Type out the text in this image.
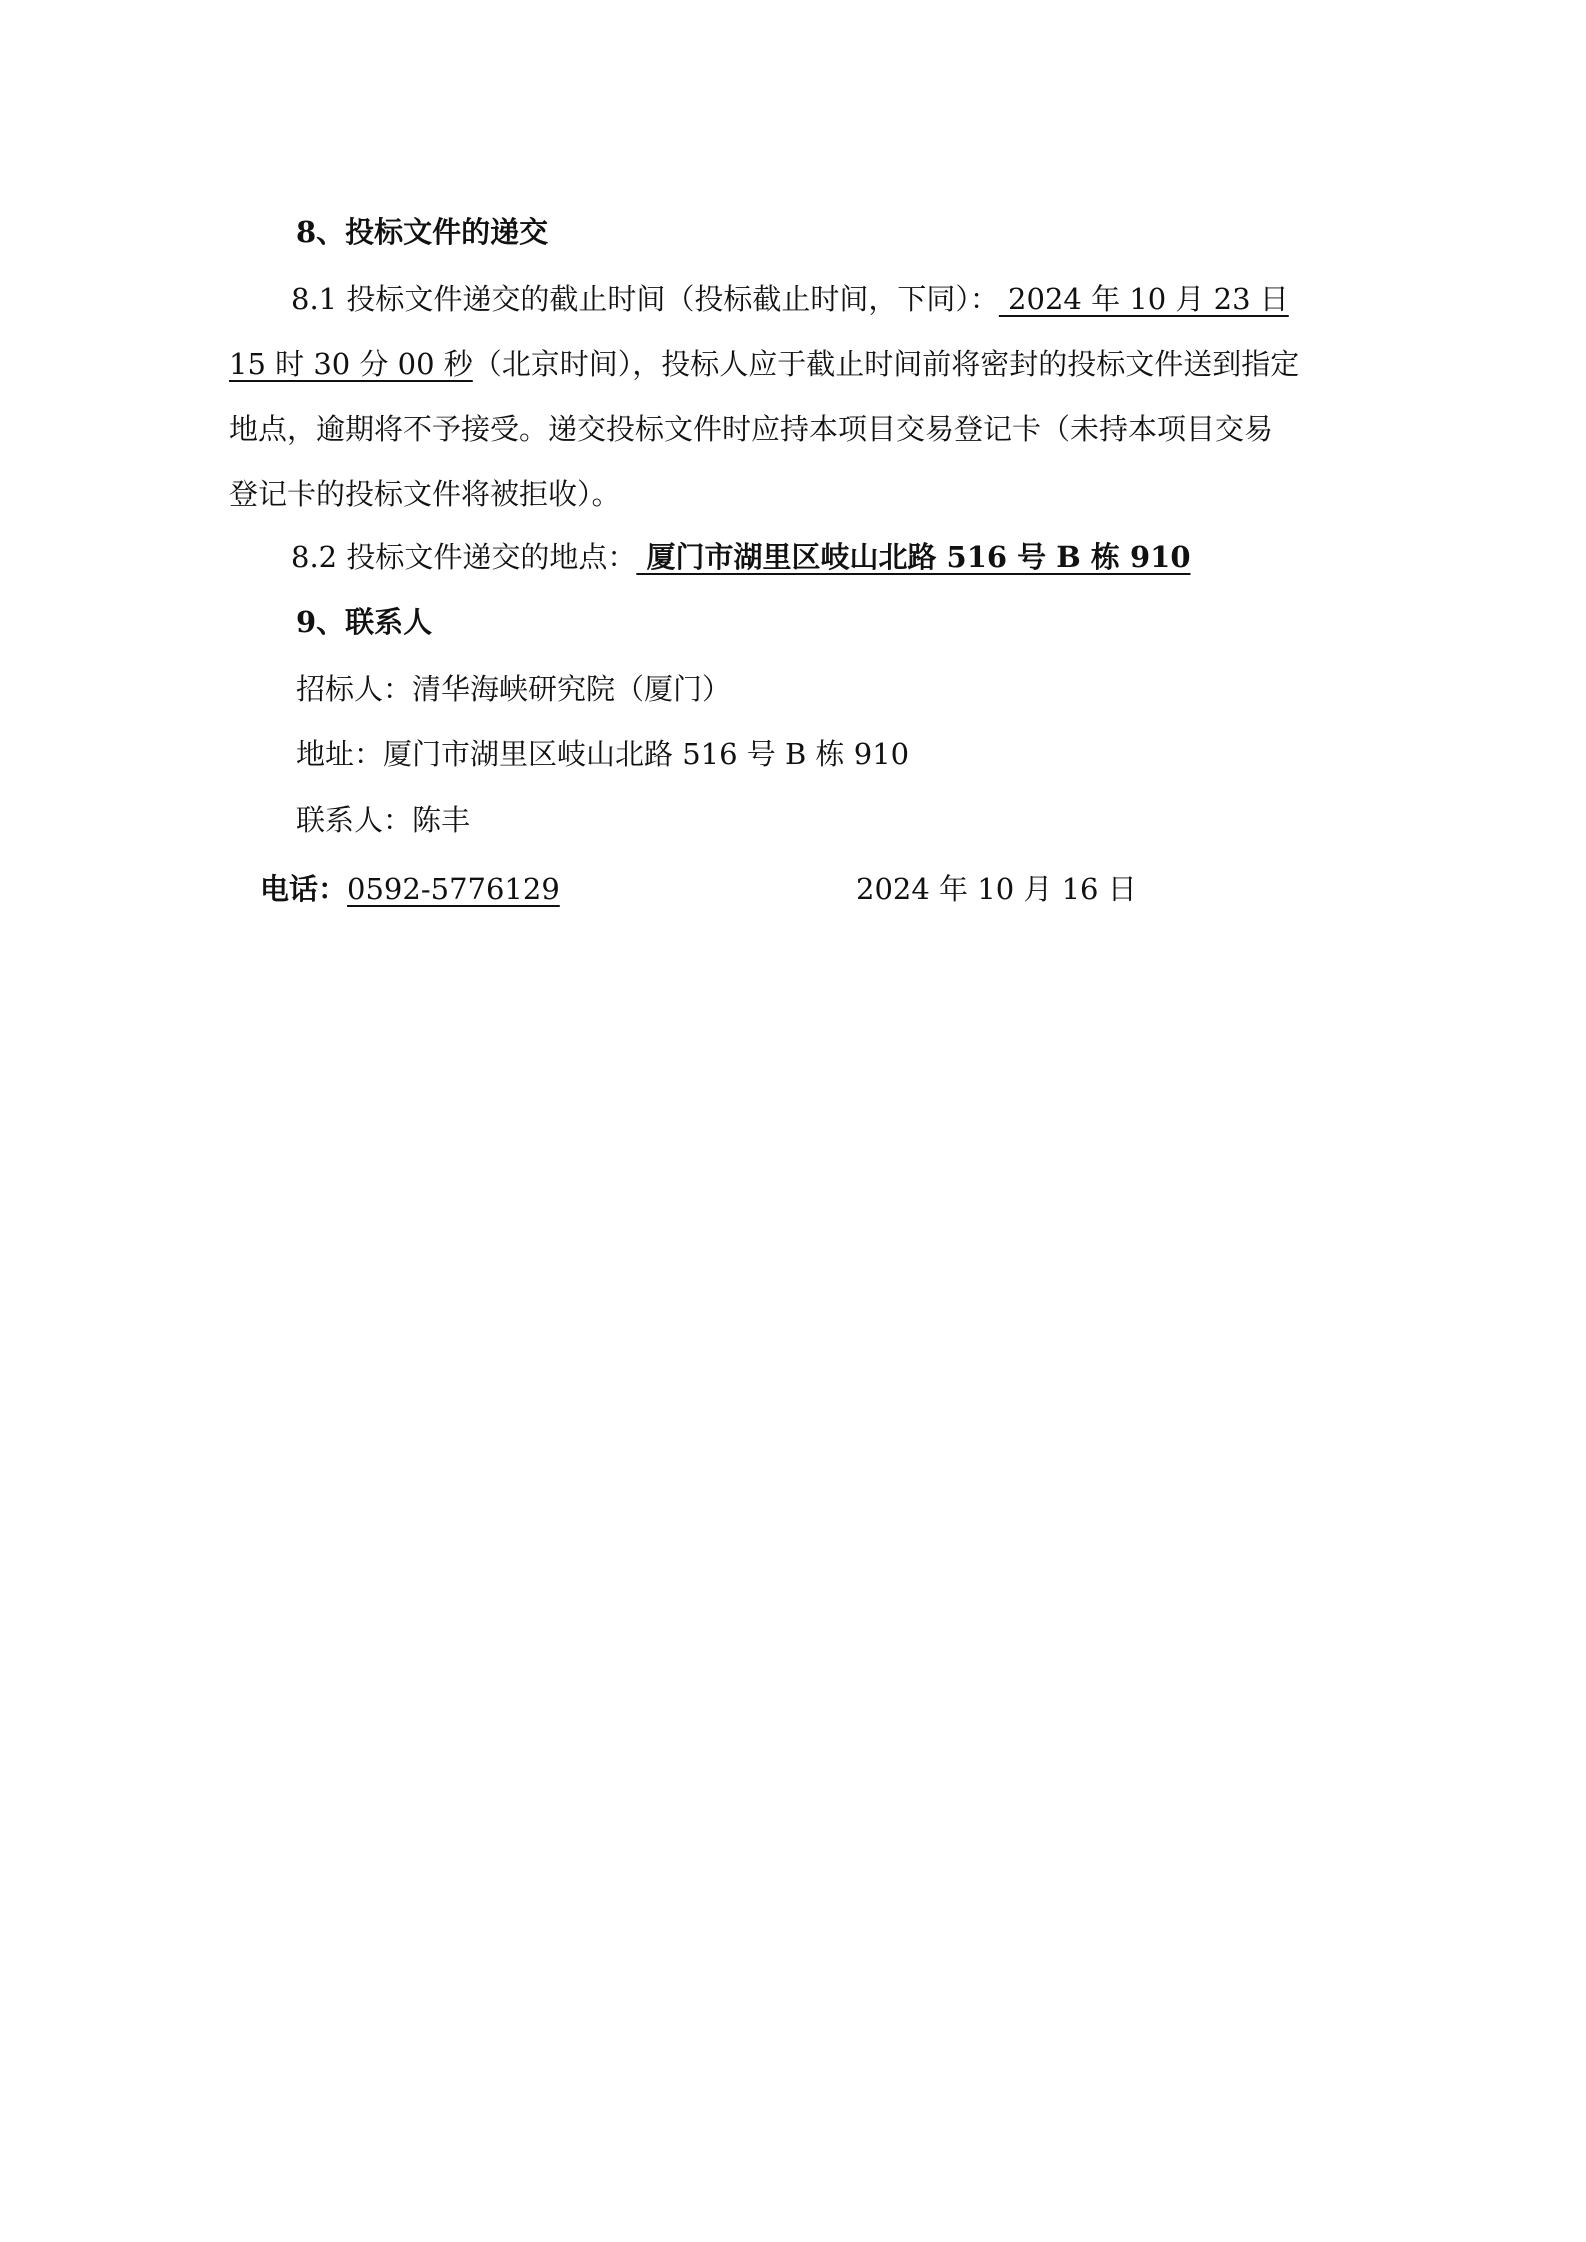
8、投标文件的递交
8.1 投标文件递交的截止时间（投标截止时间，下同）： 2024 年 10 月 23 日
15 时 30 分 00 秒（北京时间），投标人应于截止时间前将密封的投标文件送到指定
地点，逾期将不予接受。递交投标文件时应持本项目交易登记卡（未持本项目交易
登记卡的投标文件将被拒收）。
8.2 投标文件递交的地点： 厦门市湖里区岐山北路 516 号 B 栋 910
9、联系人
招标人：清华海峡研究院（厦门）
地址：厦门市湖里区岐山北路 516 号 B 栋 910
联系人：陈丰
电话：0592-5776129	2024 年 10 月 16 日
